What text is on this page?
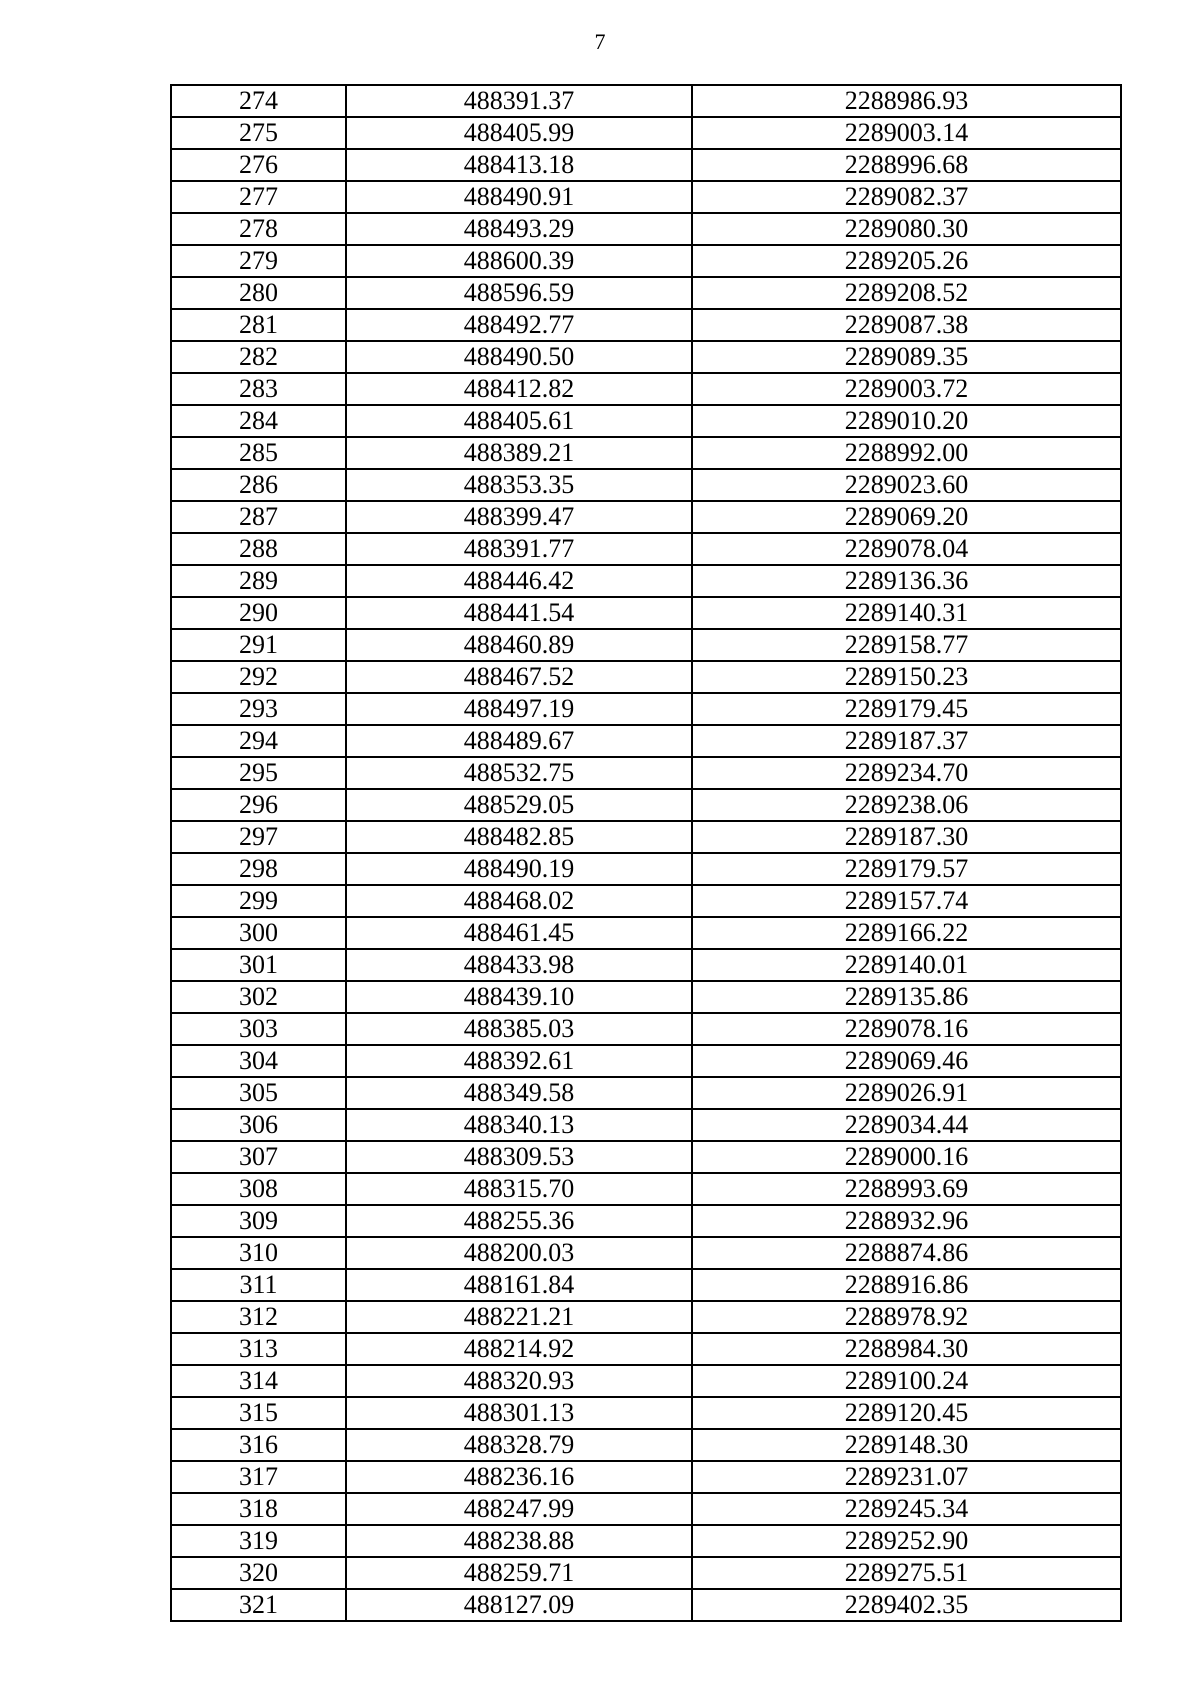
7
274	488391.37	2288986.93
275	488405.99	2289003.14
276	488413.18	2288996.68
277	488490.91	2289082.37
278	488493.29	2289080.30
279	488600.39	2289205.26
280	488596.59	2289208.52
281	488492.77	2289087.38
282	488490.50	2289089.35
283	488412.82	2289003.72
284	488405.61	2289010.20
285	488389.21	2288992.00
286	488353.35	2289023.60
287	488399.47	2289069.20
288	488391.77	2289078.04
289	488446.42	2289136.36
290	488441.54	2289140.31
291	488460.89	2289158.77
292	488467.52	2289150.23
293	488497.19	2289179.45
294	488489.67	2289187.37
295	488532.75	2289234.70
296	488529.05	2289238.06
297	488482.85	2289187.30
298	488490.19	2289179.57
299	488468.02	2289157.74
300	488461.45	2289166.22
301	488433.98	2289140.01
302	488439.10	2289135.86
303	488385.03	2289078.16
304	488392.61	2289069.46
305	488349.58	2289026.91
306	488340.13	2289034.44
307	488309.53	2289000.16
308	488315.70	2288993.69
309	488255.36	2288932.96
310	488200.03	2288874.86
311	488161.84	2288916.86
312	488221.21	2288978.92
313	488214.92	2288984.30
314	488320.93	2289100.24
315	488301.13	2289120.45
316	488328.79	2289148.30
317	488236.16	2289231.07
318	488247.99	2289245.34
319	488238.88	2289252.90
320	488259.71	2289275.51
321	488127.09	2289402.35
